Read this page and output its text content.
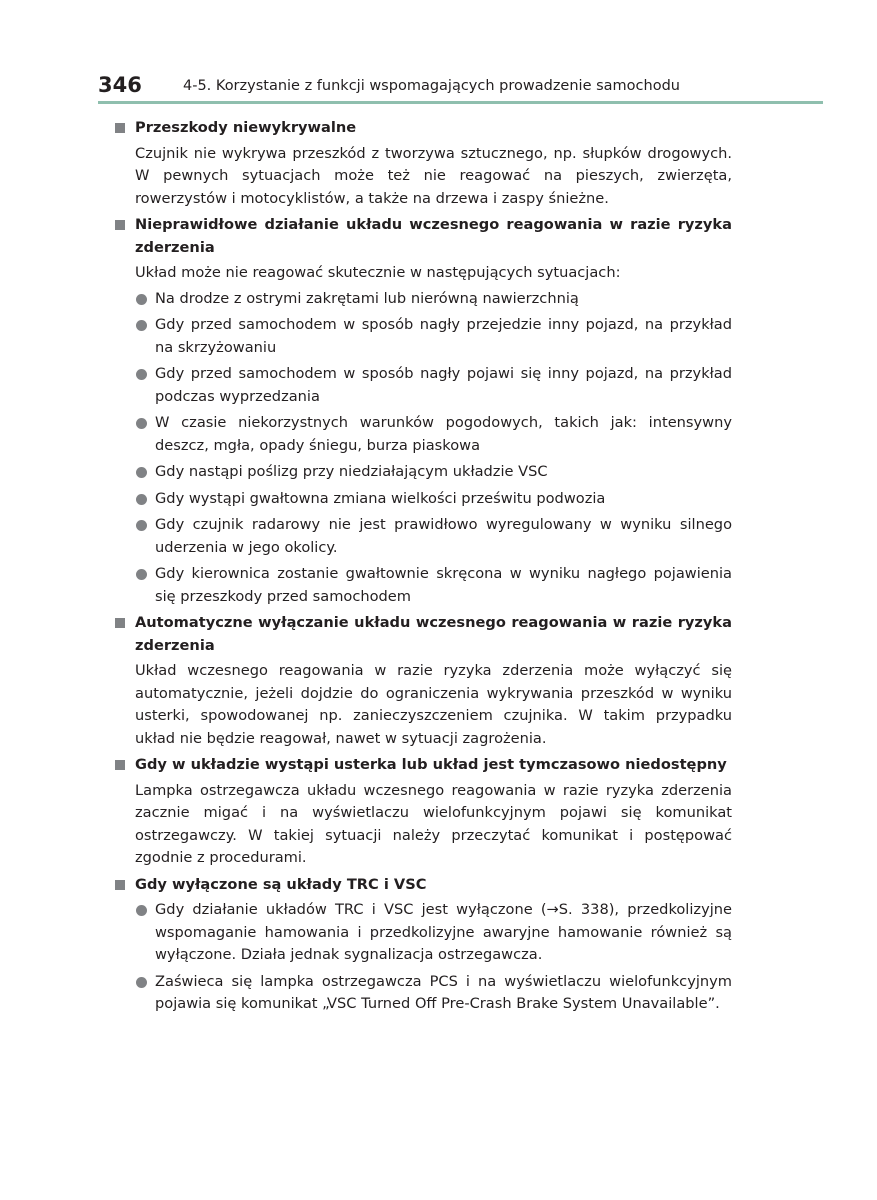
346	4-5. Korzystanie z funkcji wspomagających prowadzenie samochodu
Przeszkody niewykrywalne
Czujnik nie wykrywa przeszkód z tworzywa sztucznego, np. słupków drogowych. W pewnych sytuacjach może też nie reagować na pieszych, zwierzęta, rowerzystów i motocyklistów, a także na drzewa i zaspy śnieżne.
Nieprawidłowe działanie układu wczesnego reagowania w razie ryzyka zderzenia
Układ może nie reagować skutecznie w następujących sytuacjach:
Na drodze z ostrymi zakrętami lub nierówną nawierzchnią
Gdy przed samochodem w sposób nagły przejedzie inny pojazd, na przykład na skrzyżowaniu
Gdy przed samochodem w sposób nagły pojawi się inny pojazd, na przykład podczas wyprzedzania
W czasie niekorzystnych warunków pogodowych, takich jak: intensywny deszcz, mgła, opady śniegu, burza piaskowa
Gdy nastąpi poślizg przy niedziałającym układzie VSC
Gdy wystąpi gwałtowna zmiana wielkości prześwitu podwozia
Gdy czujnik radarowy nie jest prawidłowo wyregulowany w wyniku silnego uderzenia w jego okolicy.
Gdy kierownica zostanie gwałtownie skręcona w wyniku nagłego pojawienia się przeszkody przed samochodem
Automatyczne wyłączanie układu wczesnego reagowania w razie ryzyka zderzenia
Układ wczesnego reagowania w razie ryzyka zderzenia może wyłączyć się automatycznie, jeżeli dojdzie do ograniczenia wykrywania przeszkód w wyniku usterki, spowodowanej np. zanieczyszczeniem czujnika. W takim przypadku układ nie będzie reagował, nawet w sytuacji zagrożenia.
Gdy w układzie wystąpi usterka lub układ jest tymczasowo niedostępny
Lampka ostrzegawcza układu wczesnego reagowania w razie ryzyka zderzenia zacznie migać i na wyświetlaczu wielofunkcyjnym pojawi się komunikat ostrzegawczy. W takiej sytuacji należy przeczytać komunikat i postępować zgodnie z procedurami.
Gdy wyłączone są układy TRC i VSC
Gdy działanie układów TRC i VSC jest wyłączone (→S. 338), przedkolizyjne wspomaganie hamowania i przedkolizyjne awaryjne hamowanie również są wyłączone. Działa jednak sygnalizacja ostrzegawcza.
Zaświeca się lampka ostrzegawcza PCS i na wyświetlaczu wielofunkcyjnym pojawia się komunikat „VSC Turned Off Pre-Crash Brake System Unavailable”.
